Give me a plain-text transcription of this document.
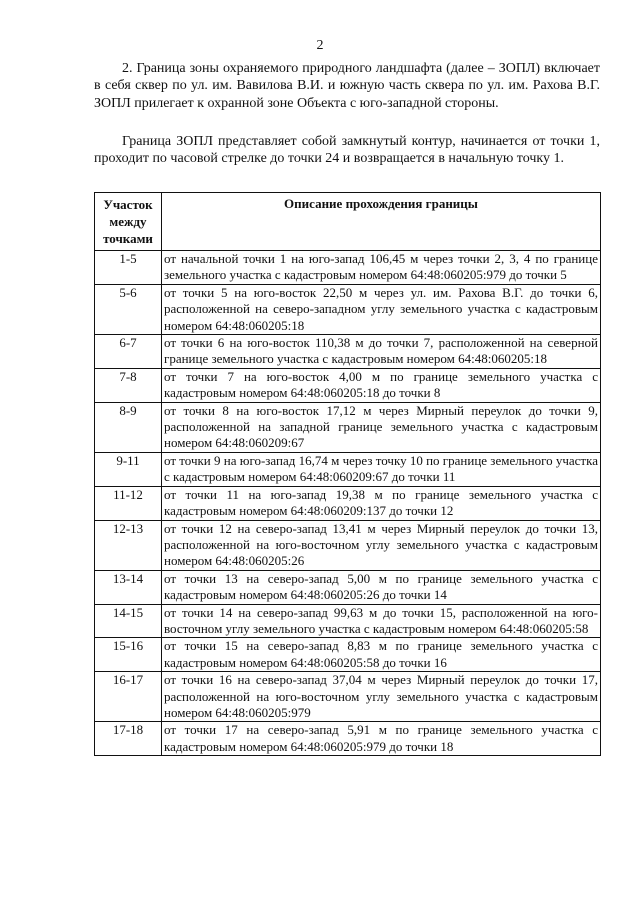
2

2. Граница зоны охраняемого природного ландшафта (далее – ЗОПЛ) включает в себя сквер по ул. им. Вавилова В.И. и южную часть сквера по ул. им. Рахова В.Г. ЗОПЛ прилегает к охранной зоне Объекта с юго-западной стороны.

Граница ЗОПЛ представляет собой замкнутый контур, начинается от точки 1, проходит по часовой стрелке до точки 24 и возвращается в начальную точку 1.

Участок между точками	Описание прохождения границы
1-5	от начальной точки 1 на юго-запад 106,45 м через точки 2, 3, 4 по границе земельного участка с кадастровым номером 64:48:060205:979 до точки 5
5-6	от точки 5 на юго-восток 22,50 м через ул. им. Рахова В.Г. до точки 6, расположенной на северо-западном углу земельного участка с кадастровым номером 64:48:060205:18
6-7	от точки 6 на юго-восток 110,38 м до точки 7, расположенной на северной границе земельного участка с кадастровым номером 64:48:060205:18
7-8	от точки 7 на юго-восток 4,00 м по границе земельного участка с кадастровым номером 64:48:060205:18 до точки 8
8-9	от точки 8 на юго-восток 17,12 м через Мирный переулок до точки 9, расположенной на западной границе земельного участка с кадастровым номером 64:48:060209:67
9-11	от точки 9 на юго-запад 16,74 м через точку 10 по границе земельного участка с кадастровым номером 64:48:060209:67 до точки 11
11-12	от точки 11 на юго-запад 19,38 м по границе земельного участка с кадастровым номером 64:48:060209:137 до точки 12
12-13	от точки 12 на северо-запад 13,41 м через Мирный переулок до точки 13, расположенной на юго-восточном углу земельного участка с кадастровым номером 64:48:060205:26
13-14	от точки 13 на северо-запад 5,00 м по границе земельного участка с кадастровым номером 64:48:060205:26 до точки 14
14-15	от точки 14 на северо-запад 99,63 м до точки 15, расположенной на юго-восточном углу земельного участка с кадастровым номером 64:48:060205:58
15-16	от точки 15 на северо-запад 8,83 м по границе земельного участка с кадастровым номером 64:48:060205:58 до точки 16
16-17	от точки 16 на северо-запад 37,04 м через Мирный переулок до точки 17, расположенной на юго-восточном углу земельного участка с кадастровым номером 64:48:060205:979
17-18	от точки 17 на северо-запад 5,91 м по границе земельного участка с кадастровым номером 64:48:060205:979 до точки 18
